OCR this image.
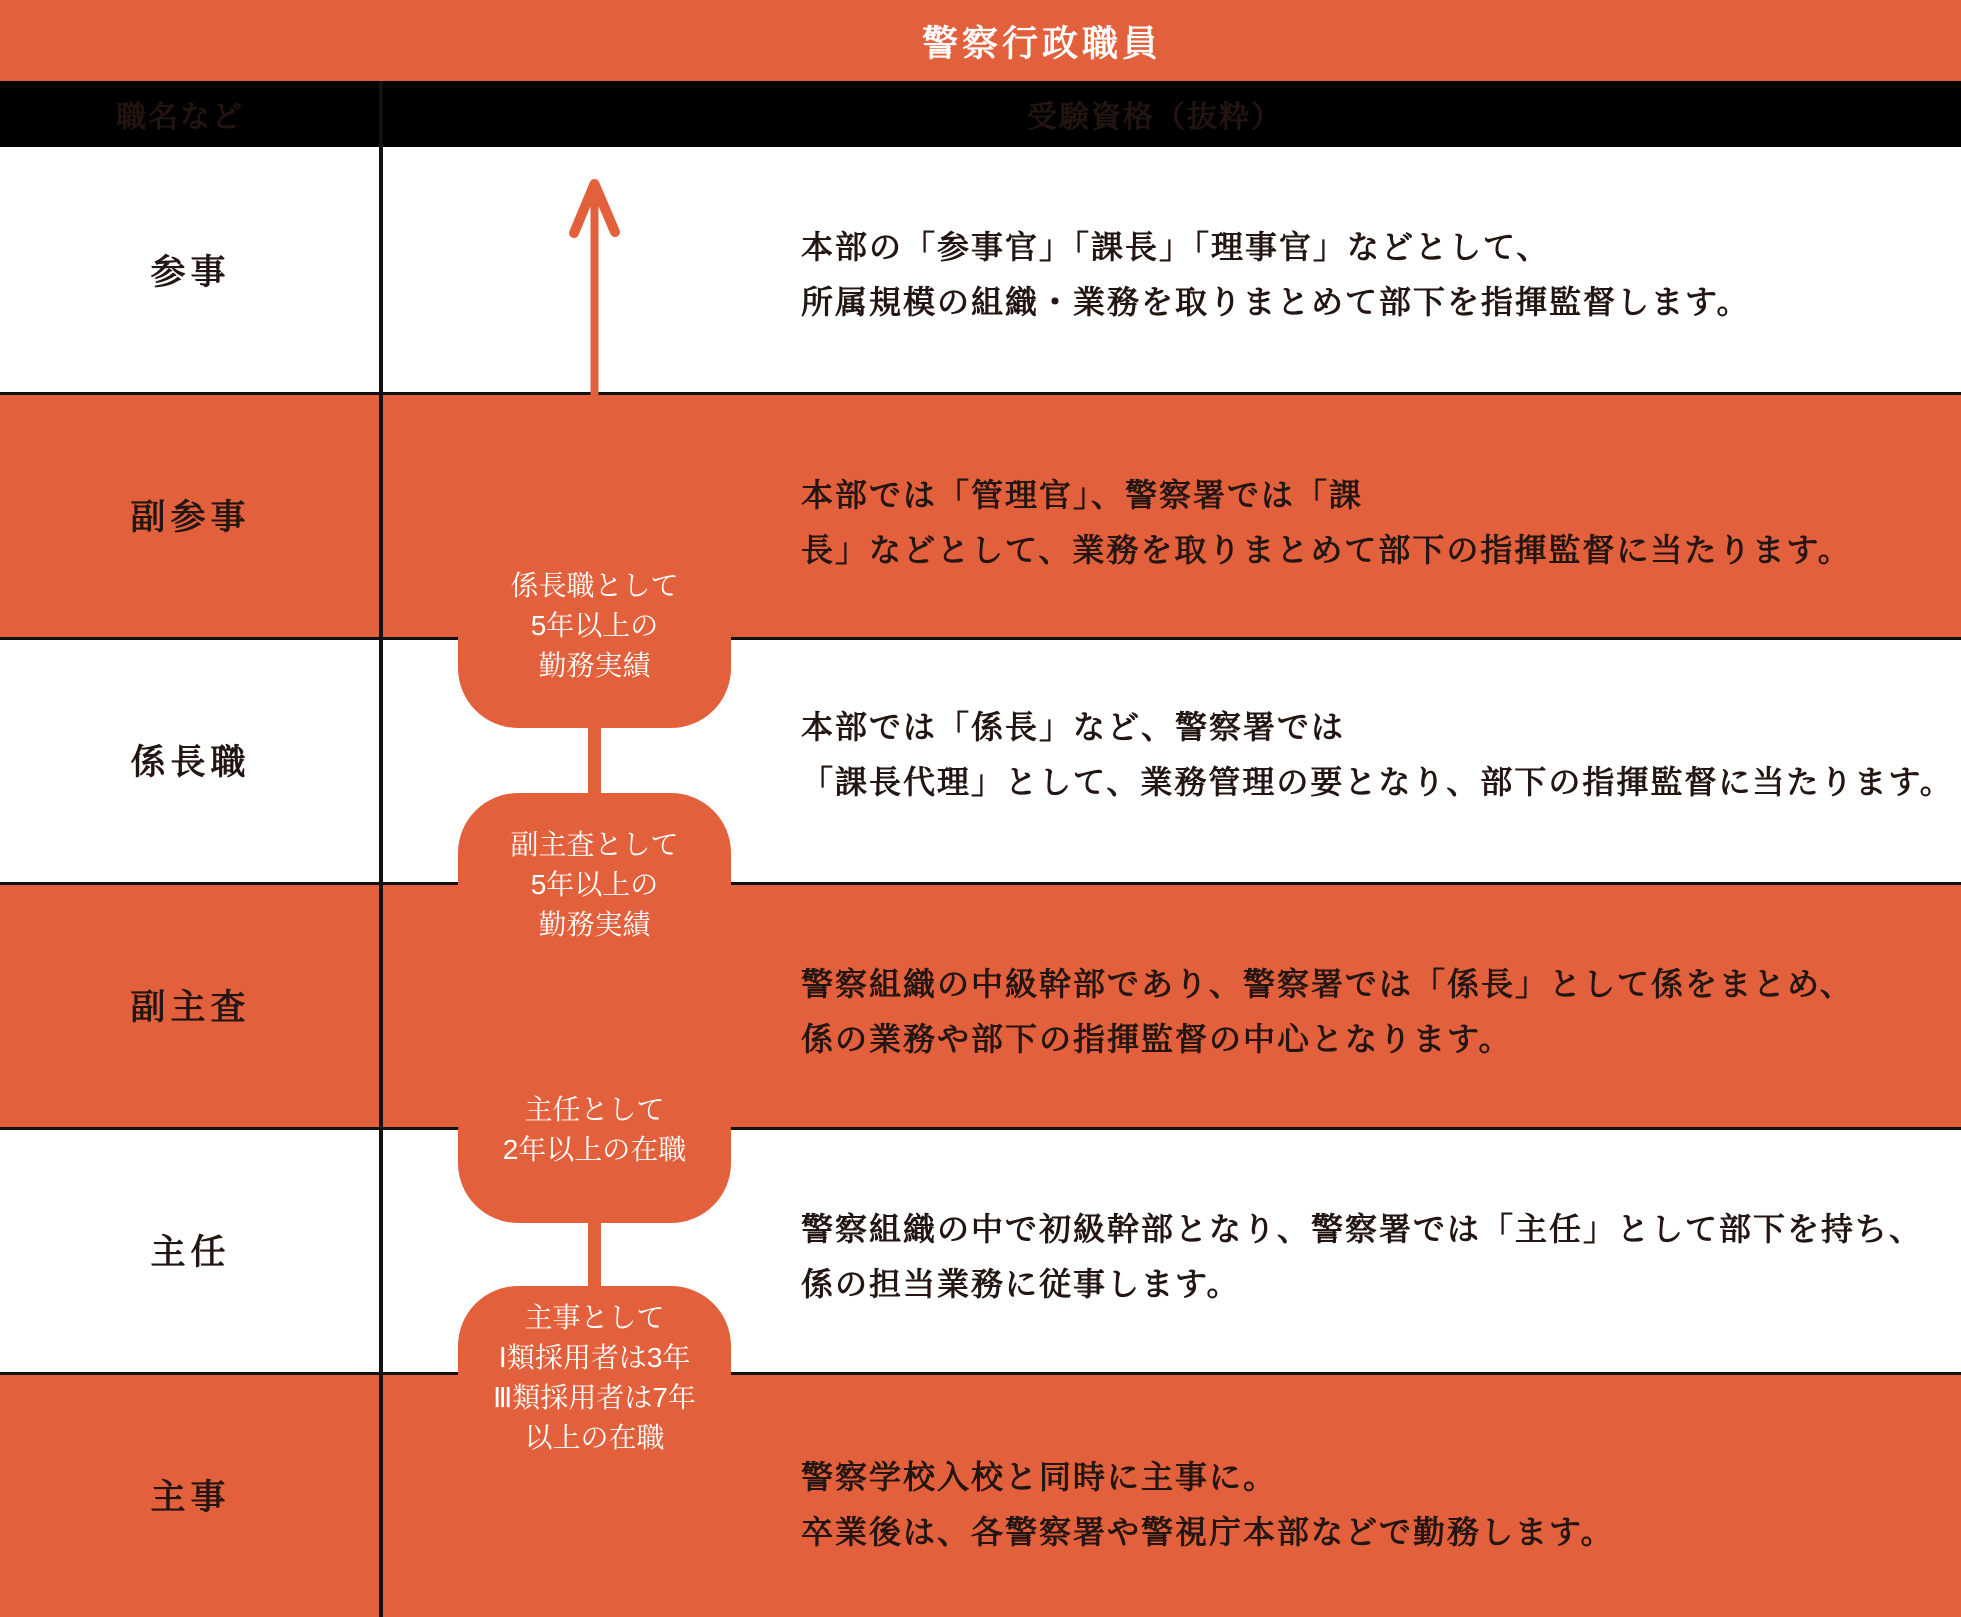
警察行政職員
職名など	受験資格（抜粋）
係長職として
5年以上の
勤務実績
副主査として
5年以上の
勤務実績
主任として
2年以上の在職
主事として
Ⅰ類採用者は3年
Ⅲ類採用者は7年
以上の在職
参事
副参事
係長職
副主査
主任
主事
本部の「参事官」「課長」「理事官」などとして、
所属規模の組織・業務を取りまとめて部下を指揮監督します。
本部では「管理官」、警察署では「課
長」などとして、業務を取りまとめて部下の指揮監督に当たります。
本部では「係長」など、警察署では
「課長代理」として、業務管理の要となり、部下の指揮監督に当たります。
警察組織の中級幹部であり、警察署では「係長」として係をまとめ、
係の業務や部下の指揮監督の中心となります。
警察組織の中で初級幹部となり、警察署では「主任」として部下を持ち、
係の担当業務に従事します。
警察学校入校と同時に主事に。
卒業後は、各警察署や警視庁本部などで勤務します。
